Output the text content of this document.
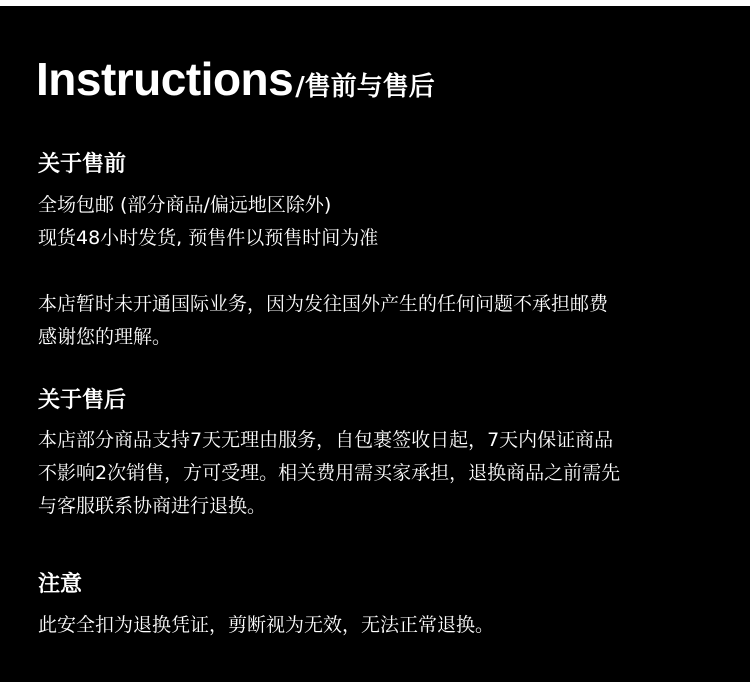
Instructions/售前与售后
关于售前
全场包邮 (部分商品/偏远地区除外)
现货48小时发货, 预售件以预售时间为准
本店暂时未开通国际业务，因为发往国外产生的任何问题不承担邮费
感谢您的理解。
关于售后
本店部分商品支持7天无理由服务，自包裹签收日起，7天内保证商品
不影响2次销售，方可受理。相关费用需买家承担，退换商品之前需先
与客服联系协商进行退换。
注意
此安全扣为退换凭证，剪断视为无效，无法正常退换。
